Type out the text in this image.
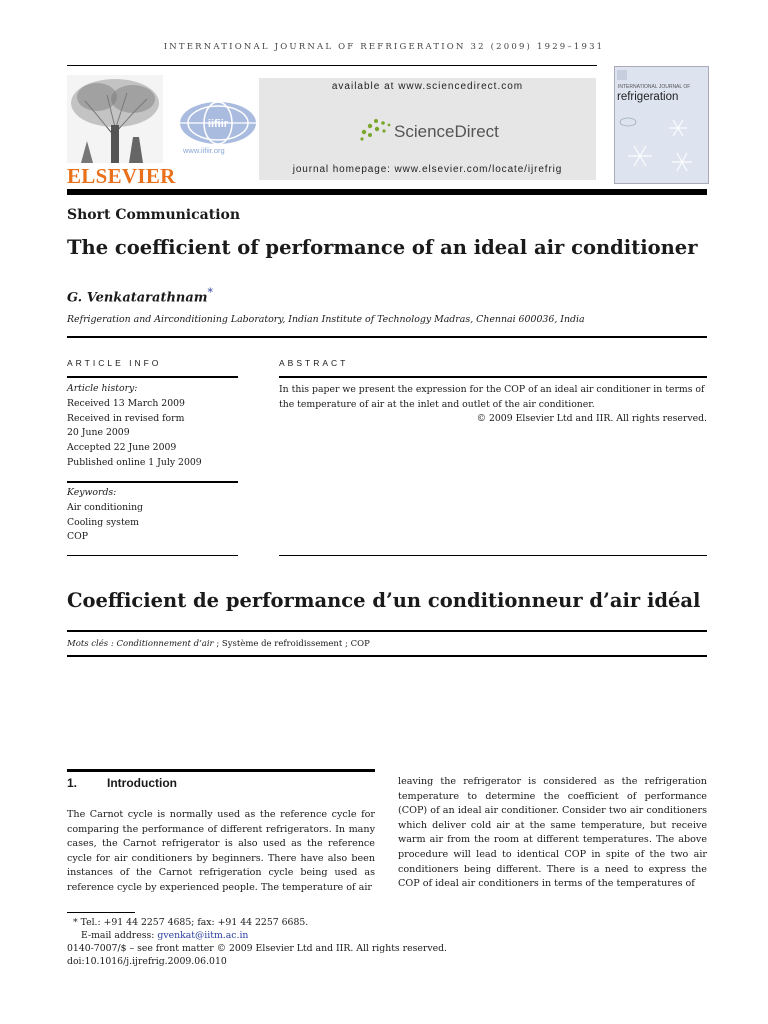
INTERNATIONAL JOURNAL OF REFRIGERATION 32 (2009) 1929–1931
ELSEVIER
iifiir
www.iifiir.org
available at www.sciencedirect.com
ScienceDirect
journal homepage: www.elsevier.com/locate/ijrefrig
INTERNATIONAL JOURNAL OF
refrigeration
Short Communication
The coefficient of performance of an ideal air conditioner
G. Venkatarathnam*
Refrigeration and Airconditioning Laboratory, Indian Institute of Technology Madras, Chennai 600036, India
ARTICLE INFO
Article history:
Received 13 March 2009
Received in revised form
20 June 2009
Accepted 22 June 2009
Published online 1 July 2009
Keywords:
Air conditioning
Cooling system
COP
ABSTRACT
In this paper we present the expression for the COP of an ideal air conditioner in terms of the temperature of air at the inlet and outlet of the air conditioner.
© 2009 Elsevier Ltd and IIR. All rights reserved.
Coefficient de performance d’un conditionneur d’air idéal
Mots clés : Conditionnement d’air ; Système de refroidissement ; COP
1. Introduction
The Carnot cycle is normally used as the reference cycle for comparing the performance of different refrigerators. In many cases, the Carnot refrigerator is also used as the reference cycle for air conditioners by beginners. There have also been instances of the Carnot refrigeration cycle being used as reference cycle by experienced people. The temperature of air
leaving the refrigerator is considered as the refrigeration temperature to determine the coefficient of performance (COP) of an ideal air conditioner. Consider two air conditioners which deliver cold air at the same temperature, but receive warm air from the room at different temperatures. The above procedure will lead to identical COP in spite of the two air conditioners being different. There is a need to express the COP of ideal air conditioners in terms of the temperatures of
* Tel.: +91 44 2257 4685; fax: +91 44 2257 6685.
E-mail address: gvenkat@iitm.ac.in
0140-7007/$ – see front matter © 2009 Elsevier Ltd and IIR. All rights reserved.
doi:10.1016/j.ijrefrig.2009.06.010
